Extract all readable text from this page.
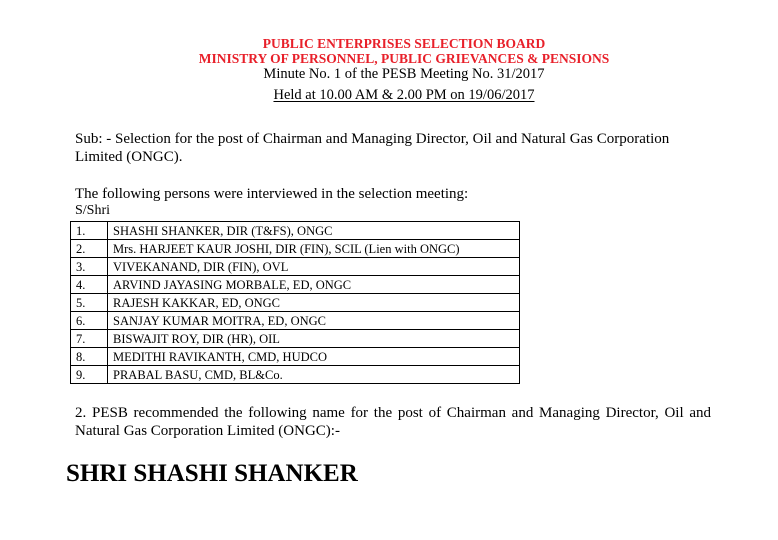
PUBLIC ENTERPRISES SELECTION BOARD
MINISTRY OF PERSONNEL, PUBLIC GRIEVANCES & PENSIONS
Minute No. 1 of the PESB Meeting No. 31/2017
Held at 10.00 AM & 2.00 PM on 19/06/2017
Sub: - Selection for the post of Chairman and Managing Director, Oil and Natural Gas Corporation Limited (ONGC).
The following persons were interviewed in the selection meeting:
S/Shri
1.	SHASHI SHANKER, DIR (T&FS), ONGC
2.	Mrs. HARJEET KAUR JOSHI, DIR (FIN), SCIL (Lien with ONGC)
3.	VIVEKANAND, DIR (FIN), OVL
4.	ARVIND JAYASING MORBALE, ED, ONGC
5.	RAJESH KAKKAR, ED, ONGC
6.	SANJAY KUMAR MOITRA, ED, ONGC
7.	BISWAJIT ROY, DIR (HR), OIL
8.	MEDITHI RAVIKANTH, CMD, HUDCO
9.	PRABAL BASU, CMD, BL&Co.
2. PESB recommended the following name for the post of Chairman and Managing Director, Oil and Natural Gas Corporation Limited (ONGC):-
SHRI SHASHI SHANKER
